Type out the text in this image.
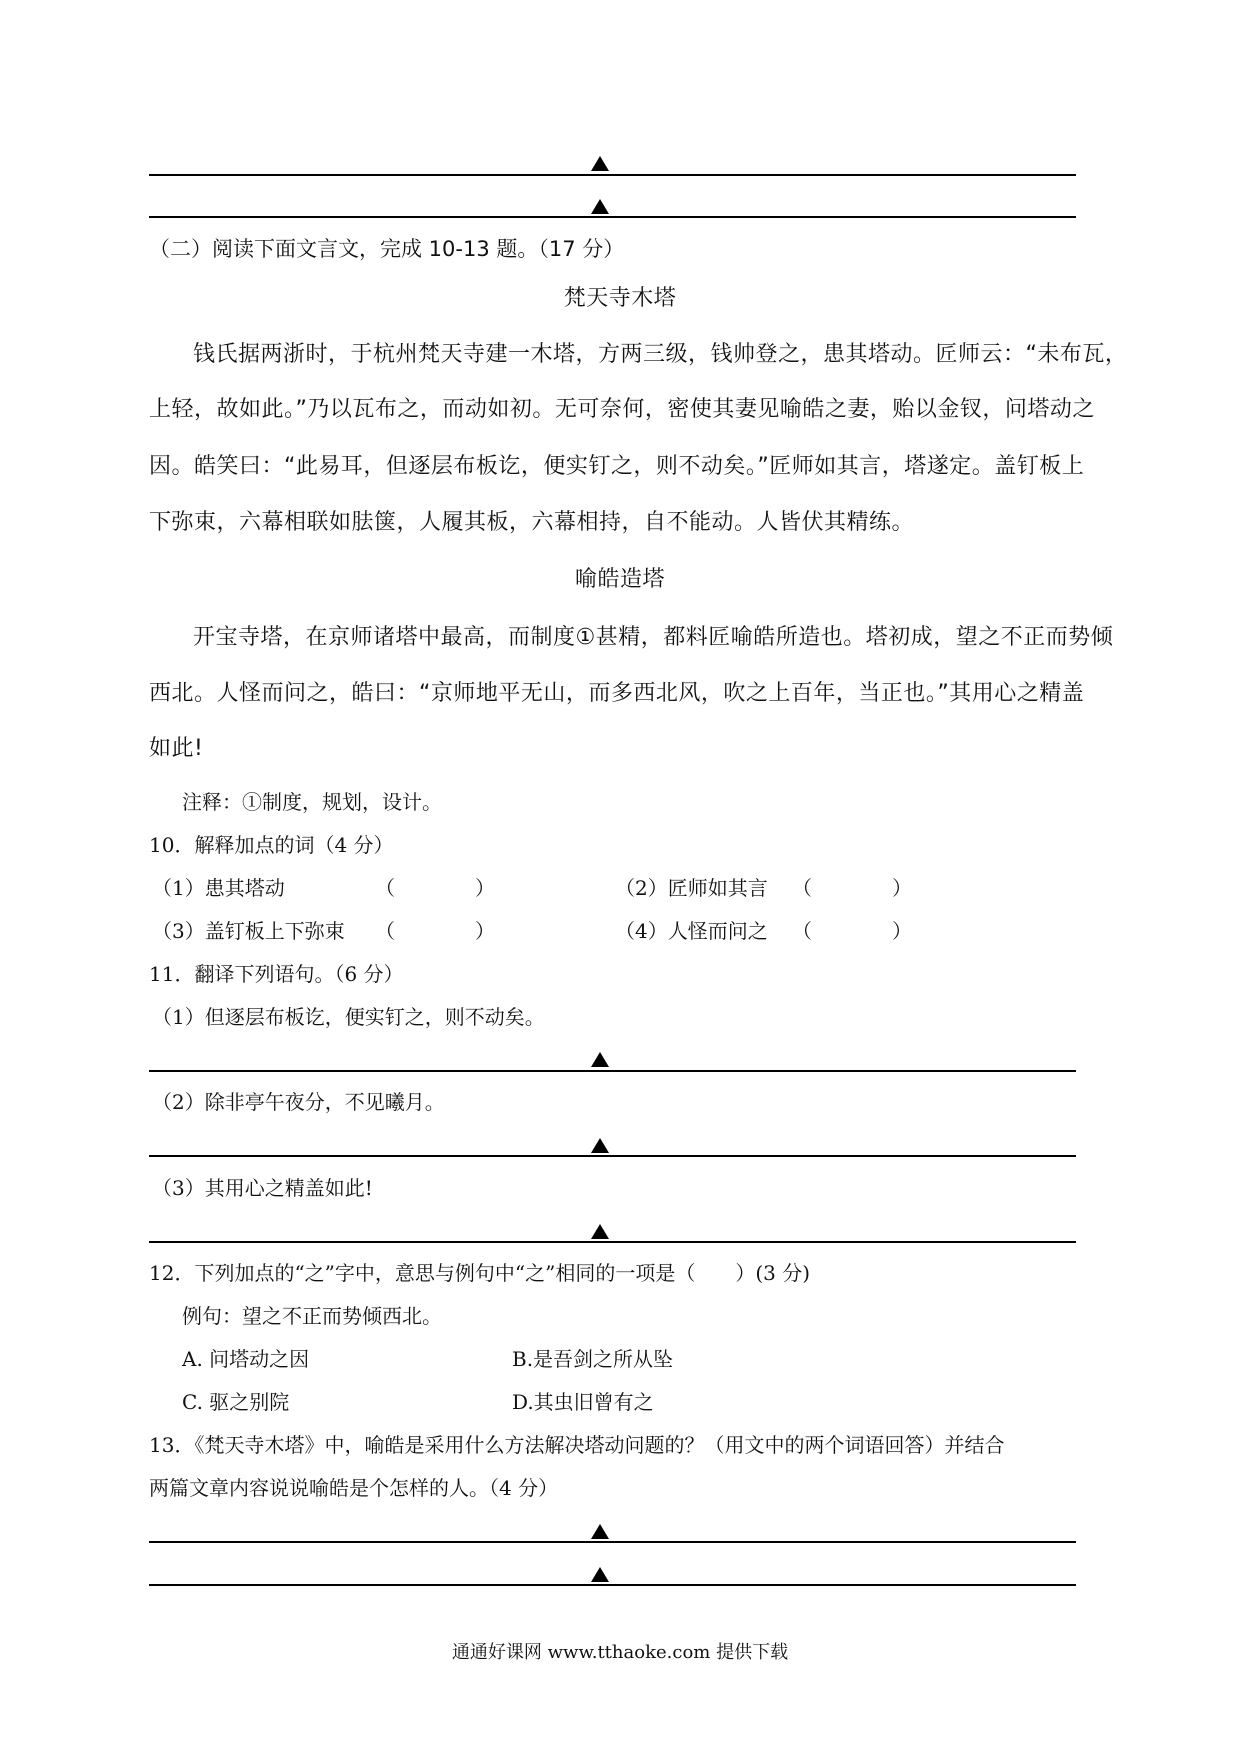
（二）阅读下面文言文，完成 10-13 题。（17 分）
梵天寺木塔
钱氏据两浙时，于杭州梵天寺建一木塔，方两三级，钱帅登之，患其塔动。匠师云：“未布瓦，
上轻，故如此。”乃以瓦布之，而动如初。无可奈何，密使其妻见喻皓之妻，贻以金钗，问塔动之
因。皓笑曰：“此易耳，但逐层布板讫，便实钉之，则不动矣。”匠师如其言，塔遂定。盖钉板上
下弥束，六幕相联如胠箧，人履其板，六幕相持，自不能动。人皆伏其精练。
喻皓造塔
开宝寺塔，在京师诸塔中最高，而制度①甚精，都料匠喻皓所造也。塔初成，望之不正而势倾
西北。人怪而问之，皓曰：“京师地平无山，而多西北风，吹之上百年，当正也。”其用心之精盖
如此!
注释：①制度，规划，设计。
10．解释加点的词（4 分）
（1）患其塔动	（　　　　）	（2）匠师如其言 （　　　　）
（3）盖钉板上下弥束 （　　　　）	（4）人怪而问之 （　　　　）
11．翻译下列语句。（6 分）
（1）但逐层布板讫，便实钉之，则不动矣。
（2）除非亭午夜分，不见曦月。
（3）其用心之精盖如此!
12．下列加点的“之”字中，意思与例句中“之”相同的一项是（　　）(3 分)
例句：望之不正而势倾西北。
A. 问塔动之因	B.是吾剑之所从坠
C. 驱之别院	D.其虫旧曾有之
13．《梵天寺木塔》中，喻皓是采用什么方法解决塔动问题的？（用文中的两个词语回答）并结合
两篇文章内容说说喻皓是个怎样的人。（4 分）
通通好课网 www.tthaoke.com 提供下载
